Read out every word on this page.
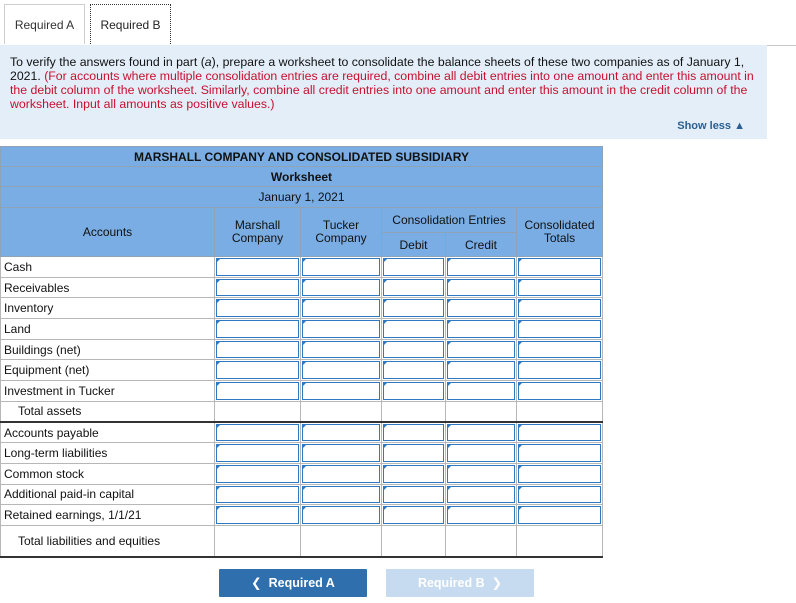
Required A	Required B
To verify the answers found in part (a), prepare a worksheet to consolidate the balance sheets of these two companies as of January 1, 2021. (For accounts where multiple consolidation entries are required, combine all debit entries into one amount and enter this amount in the debit column of the worksheet. Similarly, combine all credit entries into one amount and enter this amount in the credit column of the worksheet. Input all amounts as positive values.)
Show less ▲
MARSHALL COMPANY AND CONSOLIDATED SUBSIDIARY					
Worksheet					
January 1, 2021					
Accounts	Marshall Company	Tucker Company	Consolidation Entries		Consolidated Totals
			Debit	Credit	
Cash	

Receivables	

Inventory	

Land	

Buildings (net)	

Equipment (net)	

Investment in Tucker	

Total assets					
Accounts payable	

Long-term liabilities	

Common stock	

Additional paid-in capital	

Retained earnings, 1/1/21	

Total liabilities and equities					
❮ Required A	Required B ❯
